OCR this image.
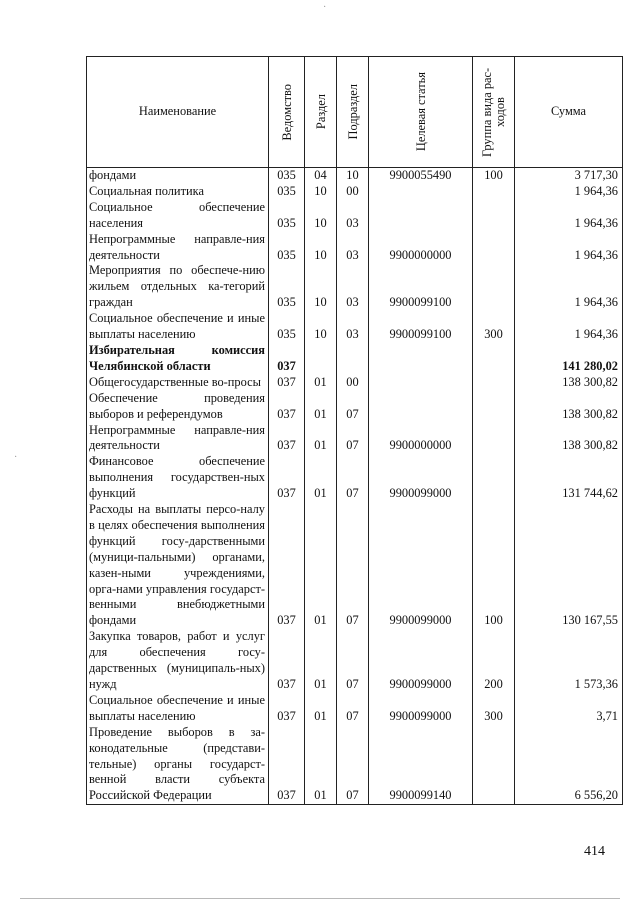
Наименование	Ведомство	Раздел	Подраздел	Целевая статья	Группа вида рас-ходов	Сумма
фондами	035	04	10	9900055490	100	3 717,30
Социальная политика	035	10	00			1 964,36
Социальное обеспечение населения	035	10	03			1 964,36
Непрограммные направле-ния деятельности	035	10	03	9900000000		1 964,36
Мероприятия по обеспече-нию жильем отдельных ка-тегорий граждан	035	10	03	9900099100		1 964,36
Социальное обеспечение и иные выплаты населению	035	10	03	9900099100	300	1 964,36
Избирательная комиссия Челябинской области	037					141 280,02
Общегосударственные во-просы	037	01	00			138 300,82
Обеспечение проведения выборов и референдумов	037	01	07			138 300,82
Непрограммные направле-ния деятельности	037	01	07	9900000000		138 300,82
Финансовое обеспечение выполнения государствен-ных функций	037	01	07	9900099000		131 744,62
Расходы на выплаты персо-налу в целях обеспечения выполнения функций госу-дарственными (муници-пальными) органами, казен-ными учреждениями, орга-нами управления государст-венными внебюджетными фондами	037	01	07	9900099000	100	130 167,55
Закупка товаров, работ и услуг для обеспечения госу-дарственных (муниципаль-ных) нужд	037	01	07	9900099000	200	1 573,36
Социальное обеспечение и иные выплаты населению	037	01	07	9900099000	300	3,71
Проведение выборов в за-конодательные (представи-тельные) органы государст-венной власти субъекта Российской Федерации	037	01	07	9900099140		6 556,20
414
·
·
